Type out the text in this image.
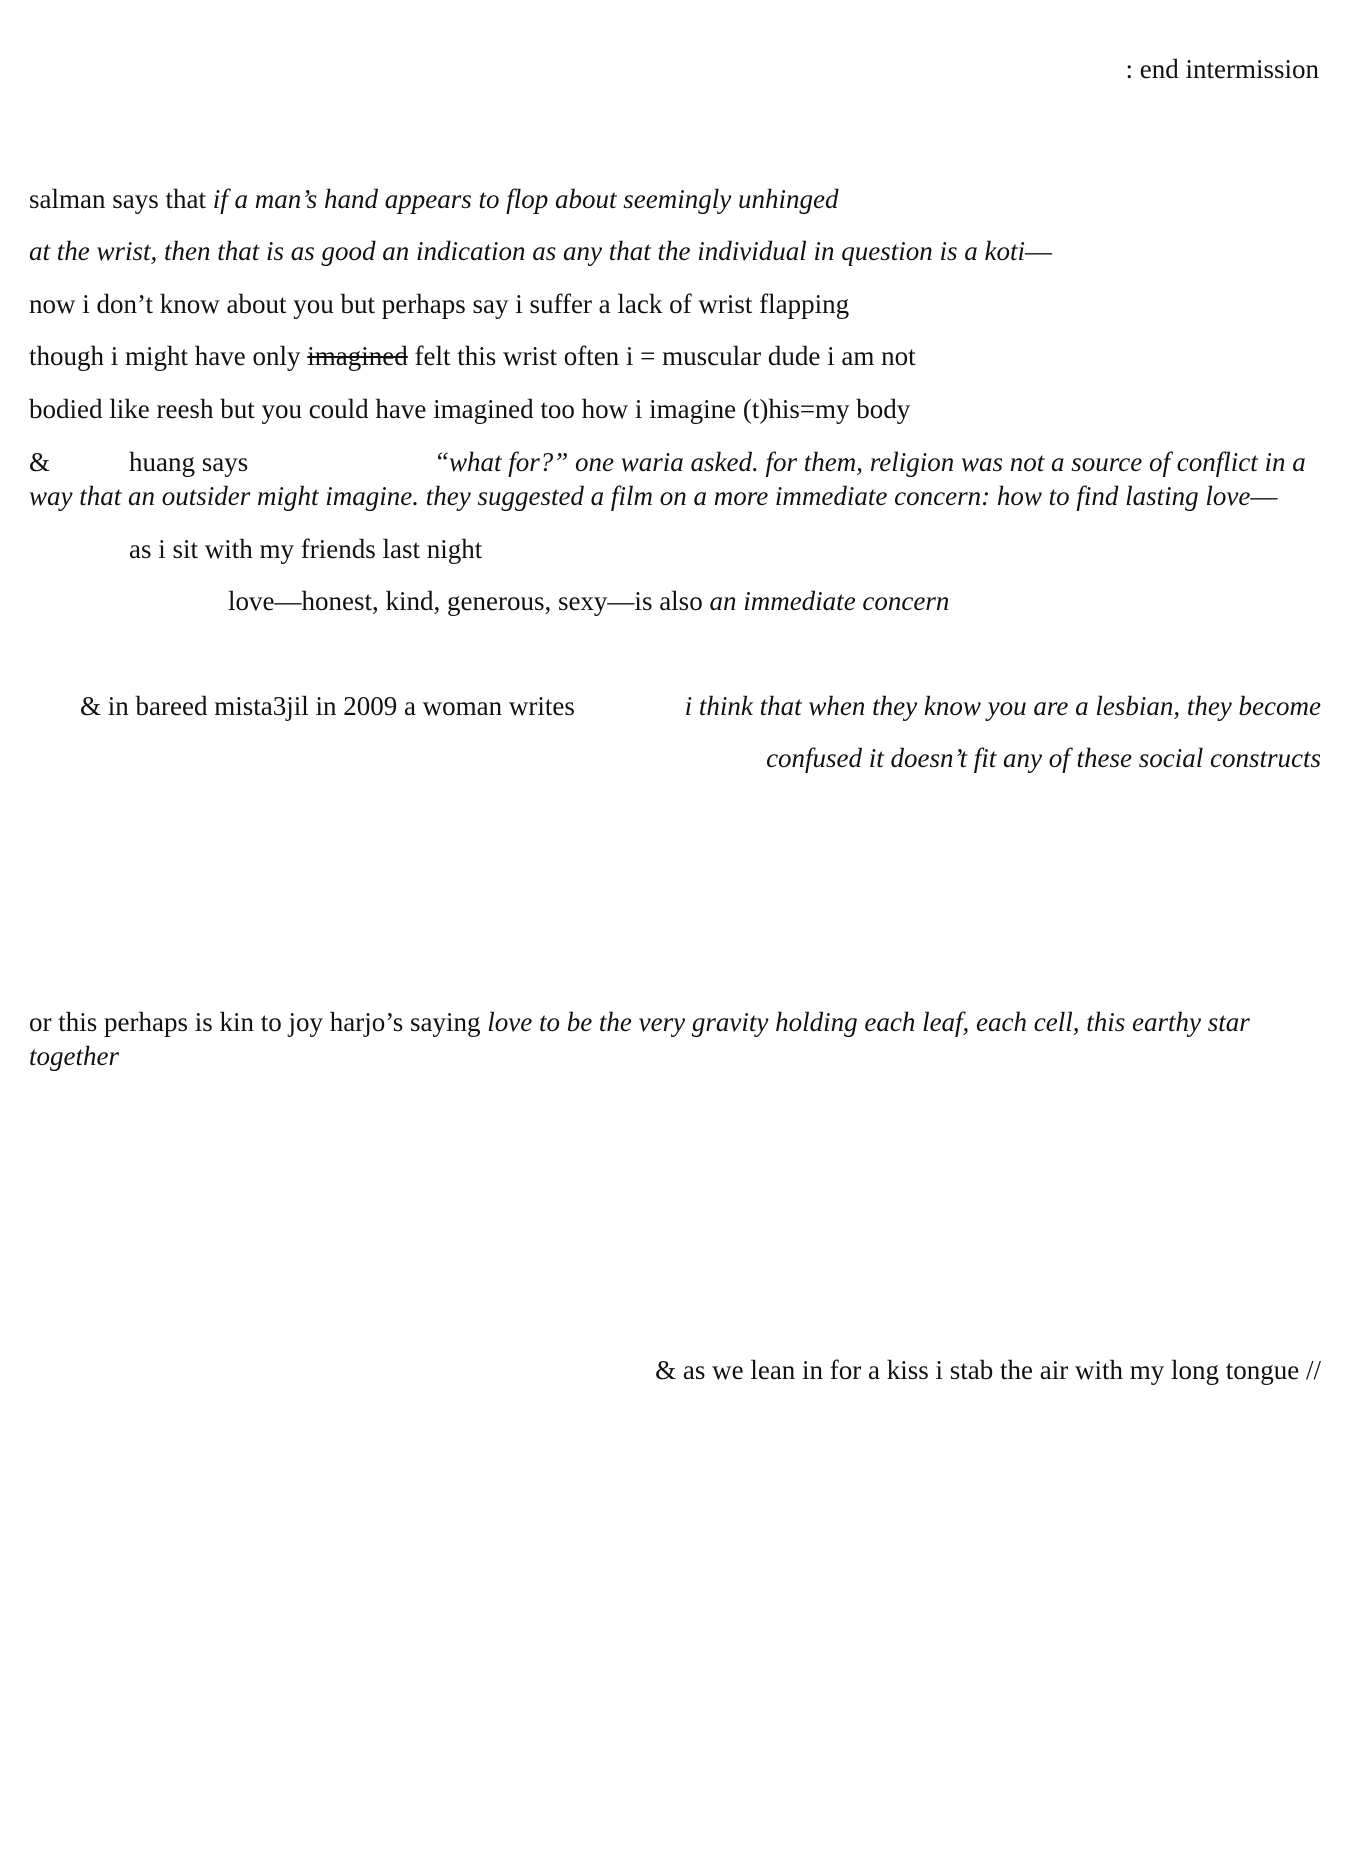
: end intermission
salman says that if a man’s hand appears to flop about seemingly unhinged
at the wrist, then that is as good an indication as any that the individual in question is a koti—
now i don’t know about you but perhaps say i suffer a lack of wrist flapping
though i might have only imagined felt this wrist often i = muscular dude i am not
bodied like reesh but you could have imagined too how i imagine (t)his=my body
&	huang says	“what for?” one waria asked. for them, religion was not a source of conflict in a
way that an outsider might imagine. they suggested a film on a more immediate concern: how to find lasting love—
as i sit with my friends last night
love—honest, kind, generous, sexy—is also an immediate concern
& in bareed mista3jil in 2009 a woman writes	i think that when they know you are a lesbian, they become
confused it doesn’t fit any of these social constructs
or this perhaps is kin to joy harjo’s saying love to be the very gravity holding each leaf, each cell, this earthy star
together
& as we lean in for a kiss i stab the air with my long tongue //
